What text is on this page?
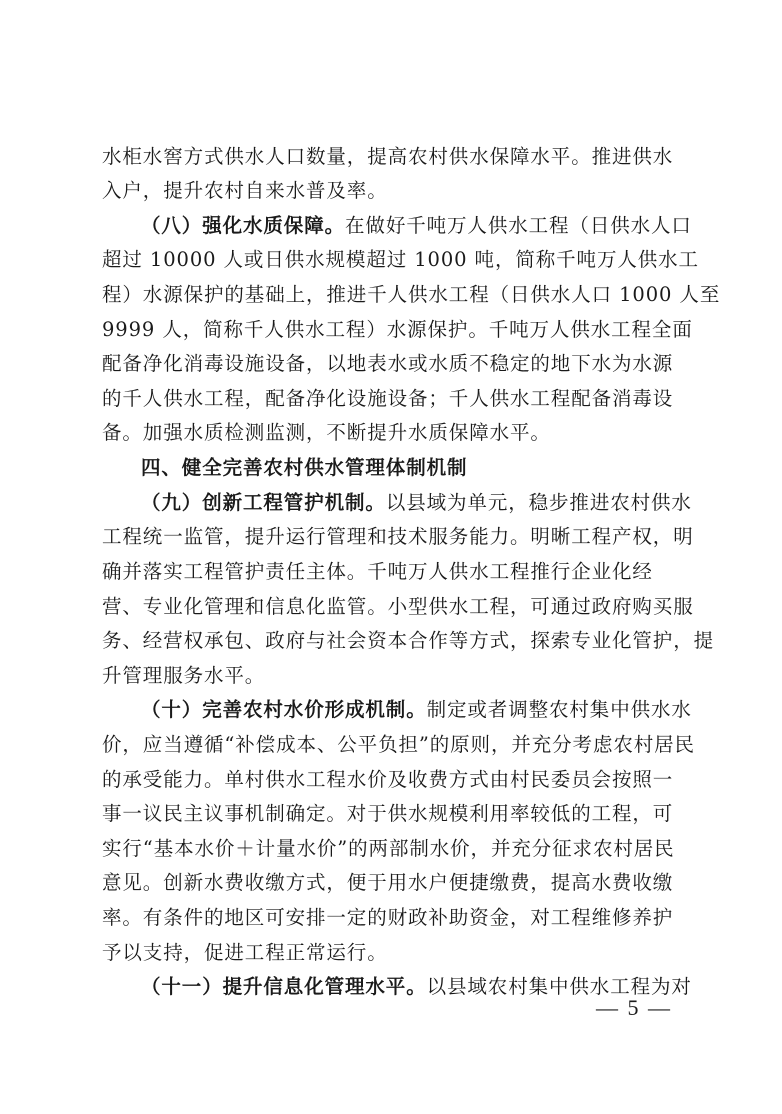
水柜水窖方式供水人口数量，提高农村供水保障水平。推进供水
入户，提升农村自来水普及率。
（八）强化水质保障。在做好千吨万人供水工程（日供水人口
超过 10000 人或日供水规模超过 1000 吨，简称千吨万人供水工
程）水源保护的基础上，推进千人供水工程（日供水人口 1000 人至
9999 人，简称千人供水工程）水源保护。千吨万人供水工程全面
配备净化消毒设施设备，以地表水或水质不稳定的地下水为水源
的千人供水工程，配备净化设施设备；千人供水工程配备消毒设
备。加强水质检测监测，不断提升水质保障水平。
四、健全完善农村供水管理体制机制
（九）创新工程管护机制。以县域为单元，稳步推进农村供水
工程统一监管，提升运行管理和技术服务能力。明晰工程产权，明
确并落实工程管护责任主体。千吨万人供水工程推行企业化经
营、专业化管理和信息化监管。小型供水工程，可通过政府购买服
务、经营权承包、政府与社会资本合作等方式，探索专业化管护，提
升管理服务水平。
（十）完善农村水价形成机制。制定或者调整农村集中供水水
价，应当遵循“补偿成本、公平负担”的原则，并充分考虑农村居民
的承受能力。单村供水工程水价及收费方式由村民委员会按照一
事一议民主议事机制确定。对于供水规模利用率较低的工程，可
实行“基本水价＋计量水价”的两部制水价，并充分征求农村居民
意见。创新水费收缴方式，便于用水户便捷缴费，提高水费收缴
率。有条件的地区可安排一定的财政补助资金，对工程维修养护
予以支持，促进工程正常运行。
（十一）提升信息化管理水平。以县域农村集中供水工程为对
— 5 —
